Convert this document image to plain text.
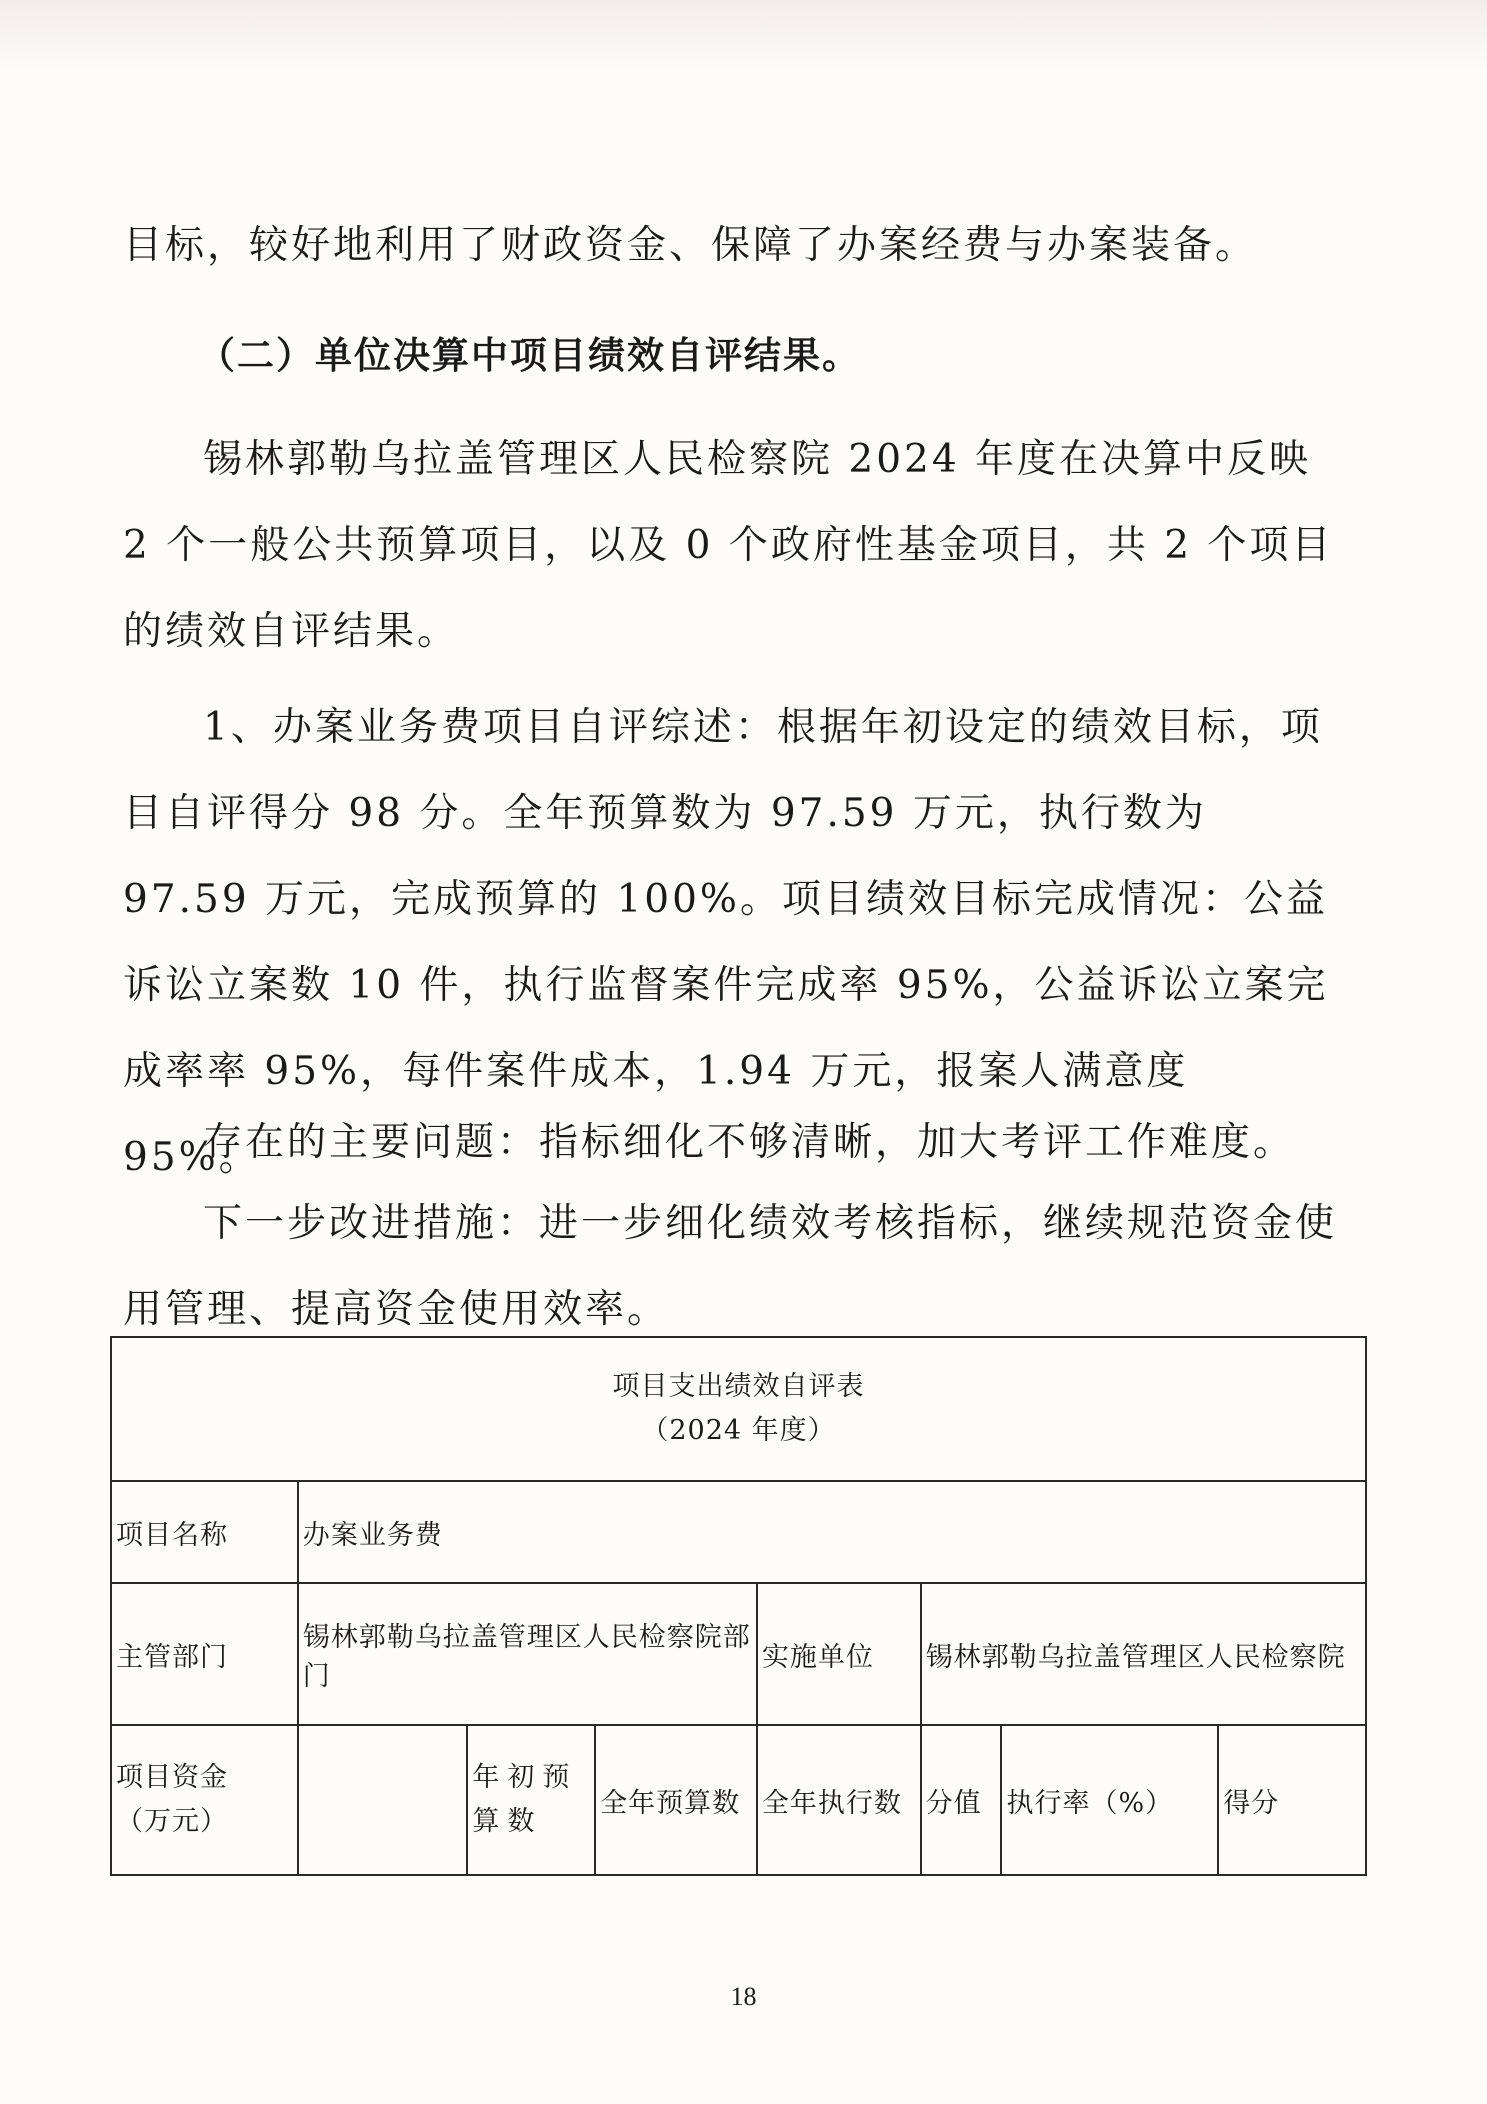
目标，较好地利用了财政资金、保障了办案经费与办案装备。

（二）单位决算中项目绩效自评结果。

锡林郭勒乌拉盖管理区人民检察院 2024 年度在决算中反映 2 个一般公共预算项目，以及 0 个政府性基金项目，共 2 个项目的绩效自评结果。

1、办案业务费项目自评综述：根据年初设定的绩效目标，项目自评得分 98 分。全年预算数为 97.59 万元，执行数为 97.59 万元，完成预算的 100%。项目绩效目标完成情况：公益诉讼立案数 10 件，执行监督案件完成率 95%，公益诉讼立案完成率率 95%，每件案件成本，1.94 万元，报案人满意度 95%。

存在的主要问题：指标细化不够清晰，加大考评工作难度。

下一步改进措施：进一步细化绩效考核指标，继续规范资金使用管理、提高资金使用效率。

项目支出绩效自评表
（2024 年度）							

项目名称	办案业务费						
主管部门	锡林郭勒乌拉盖管理区人民检察院部门			实施单位	锡林郭勒乌拉盖管理区人民检察院		

项目资金
（万元）		年初预算数	全年预算数	全年执行数	分值	执行率（%）	得分
18
